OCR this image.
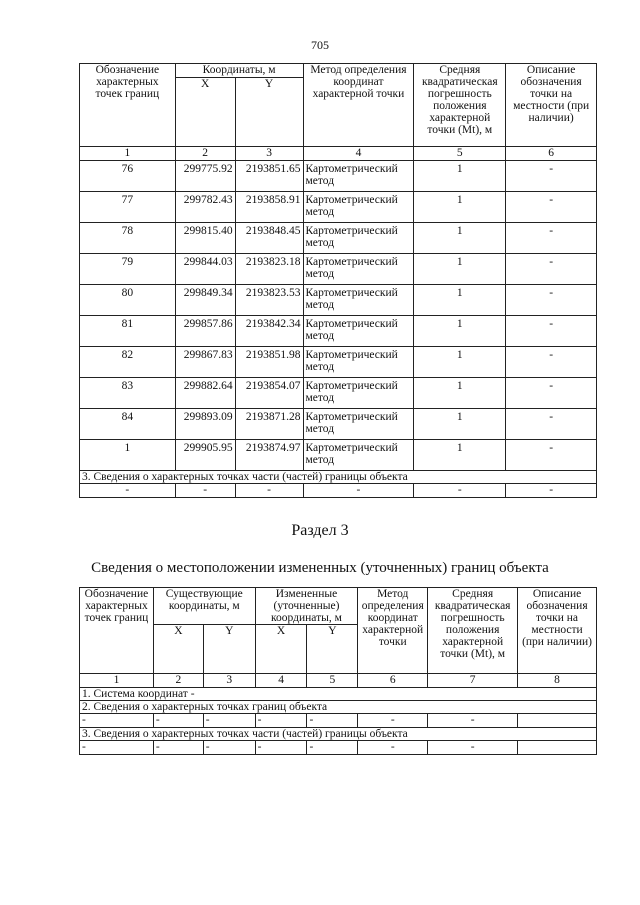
705
Обозначение характерных точек границ	Координаты, м		Метод определения координат характерной точки	Средняя квадратическая погрешность положения характерной точки (Mt), м	Описание обозначения точки на местности (при наличии)
	X	Y			
1	2	3	4	5	6
76	299775.92	2193851.65	Картометрический метод	1	-
77	299782.43	2193858.91	Картометрический метод	1	-
78	299815.40	2193848.45	Картометрический метод	1	-
79	299844.03	2193823.18	Картометрический метод	1	-
80	299849.34	2193823.53	Картометрический метод	1	-
81	299857.86	2193842.34	Картометрический метод	1	-
82	299867.83	2193851.98	Картометрический метод	1	-
83	299882.64	2193854.07	Картометрический метод	1	-
84	299893.09	2193871.28	Картометрический метод	1	-
1	299905.95	2193874.97	Картометрический метод	1	-
3. Сведения о характерных точках части (частей) границы объекта					
-	-	-	-	-	-
Раздел 3
Сведения о местоположении измененных (уточненных) границ объекта
Обозначение характерных точек границ	Существующие координаты, м		Измененные (уточненные) координаты, м		Метод определения координат характерной точки	Средняя квадратическая погрешность положения характерной точки (Mt), м	Описание обозначения точки на местности (при наличии)
	X	Y	X	Y			
1	2	3	4	5	6	7	8
1. Система координат -							
2. Сведения о характерных точках границ объекта							
-	-	-	-	-	-	-	
3. Сведения о характерных точках части (частей) границы объекта							
-	-	-	-	-	-	-	
